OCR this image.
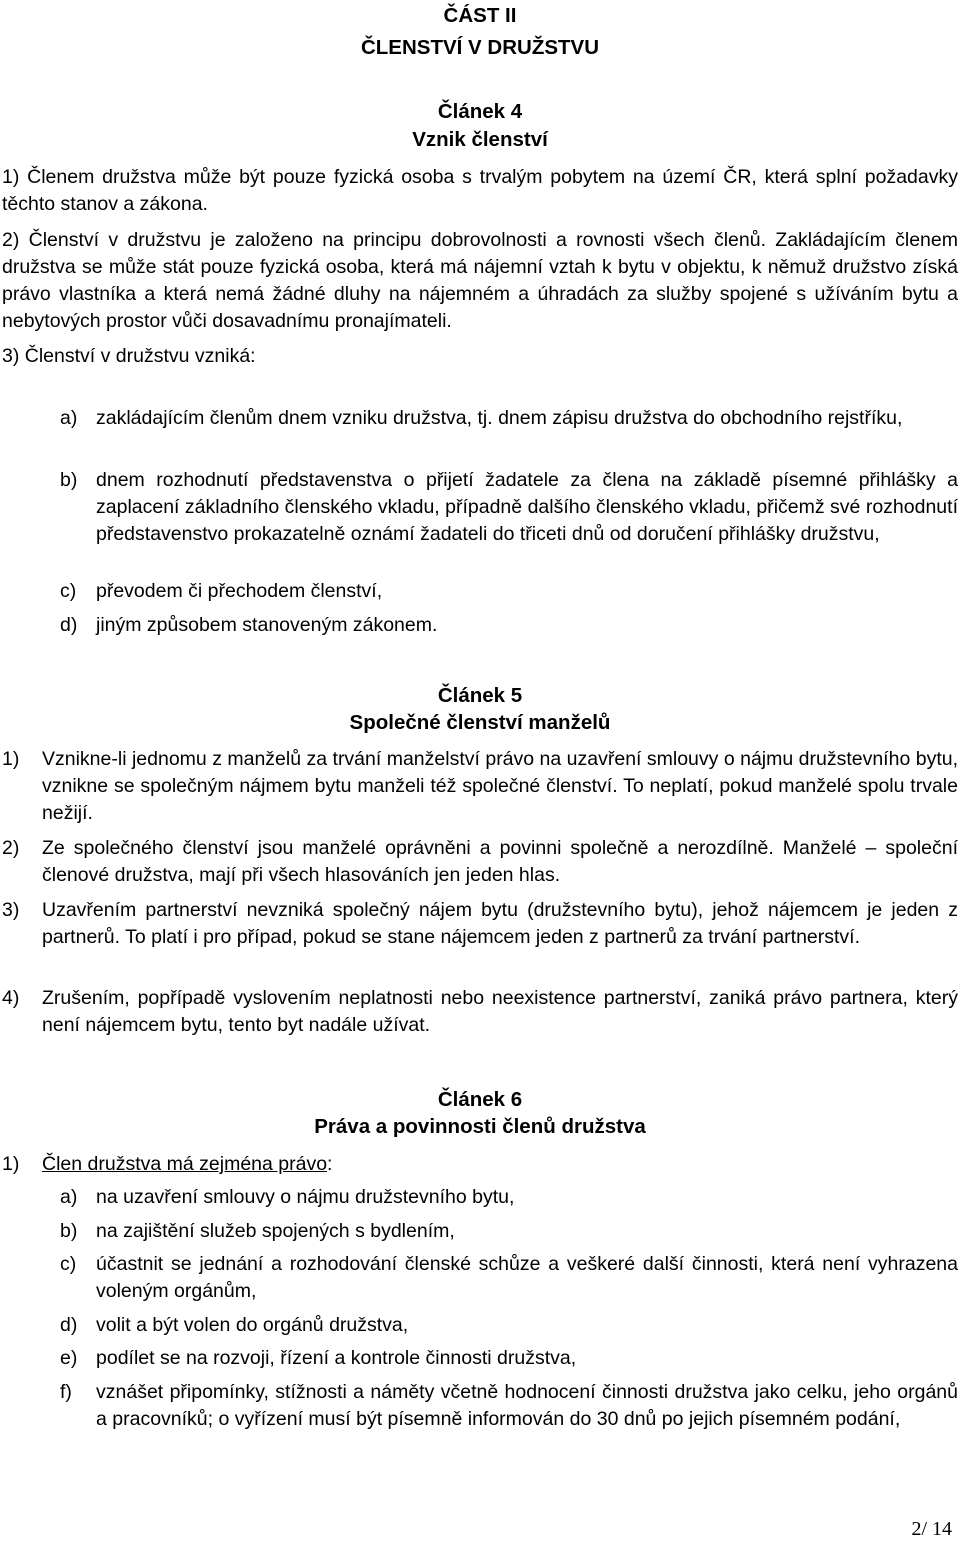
ČÁST II
ČLENSTVÍ V DRUŽSTVU
Článek 4
Vznik členství
1) Členem družstva může být pouze fyzická osoba s trvalým pobytem na území ČR, která splní požadavky těchto stanov a zákona.
2) Členství v družstvu je založeno na principu dobrovolnosti a rovnosti všech členů. Zakládajícím členem družstva se může stát pouze fyzická osoba, která má nájemní vztah k bytu v objektu, k němuž družstvo získá právo vlastníka a která nemá žádné dluhy na nájemném a úhradách za služby spojené s užíváním bytu a nebytových prostor vůči dosavadnímu pronajímateli.
3) Členství v družstvu vzniká:
a) zakládajícím členům dnem vzniku družstva, tj. dnem zápisu družstva do obchodního rejstříku,
b) dnem rozhodnutí představenstva o přijetí žadatele za člena na základě písemné přihlášky a zaplacení základního členského vkladu, případně dalšího členského vkladu, přičemž své rozhodnutí představenstvo prokazatelně oznámí žadateli do třiceti dnů od doručení přihlášky družstvu,
c) převodem či přechodem členství,
d) jiným způsobem stanoveným zákonem.
Článek 5
Společné členství manželů
1) Vznikne-li jednomu z manželů za trvání manželství právo na uzavření smlouvy o nájmu družstevního bytu, vznikne se společným nájmem bytu manželi též společné členství. To neplatí, pokud manželé spolu trvale nežijí.
2) Ze společného členství jsou manželé oprávněni a povinni společně a nerozdílně. Manželé – společní členové družstva, mají při všech hlasováních jen jeden hlas.
3) Uzavřením partnerství nevzniká společný nájem bytu (družstevního bytu), jehož nájemcem je jeden z partnerů. To platí i pro případ, pokud se stane nájemcem jeden z partnerů za trvání partnerství.
4) Zrušením, popřípadě vyslovením neplatnosti nebo neexistence partnerství, zaniká právo partnera, který není nájemcem bytu, tento byt nadále užívat.
Článek 6
Práva a povinnosti členů družstva
1) Člen družstva má zejména právo:
a) na uzavření smlouvy o nájmu družstevního bytu,
b) na zajištění služeb spojených s bydlením,
c) účastnit se jednání a rozhodování členské schůze a veškeré další činnosti, která není vyhrazena voleným orgánům,
d) volit a být volen do orgánů družstva,
e) podílet se na rozvoji, řízení a kontrole činnosti družstva,
f) vznášet připomínky, stížnosti a náměty včetně hodnocení činnosti družstva jako celku, jeho orgánů a pracovníků; o vyřízení musí být písemně informován do 30 dnů po jejich písemném podání,
2/ 14
